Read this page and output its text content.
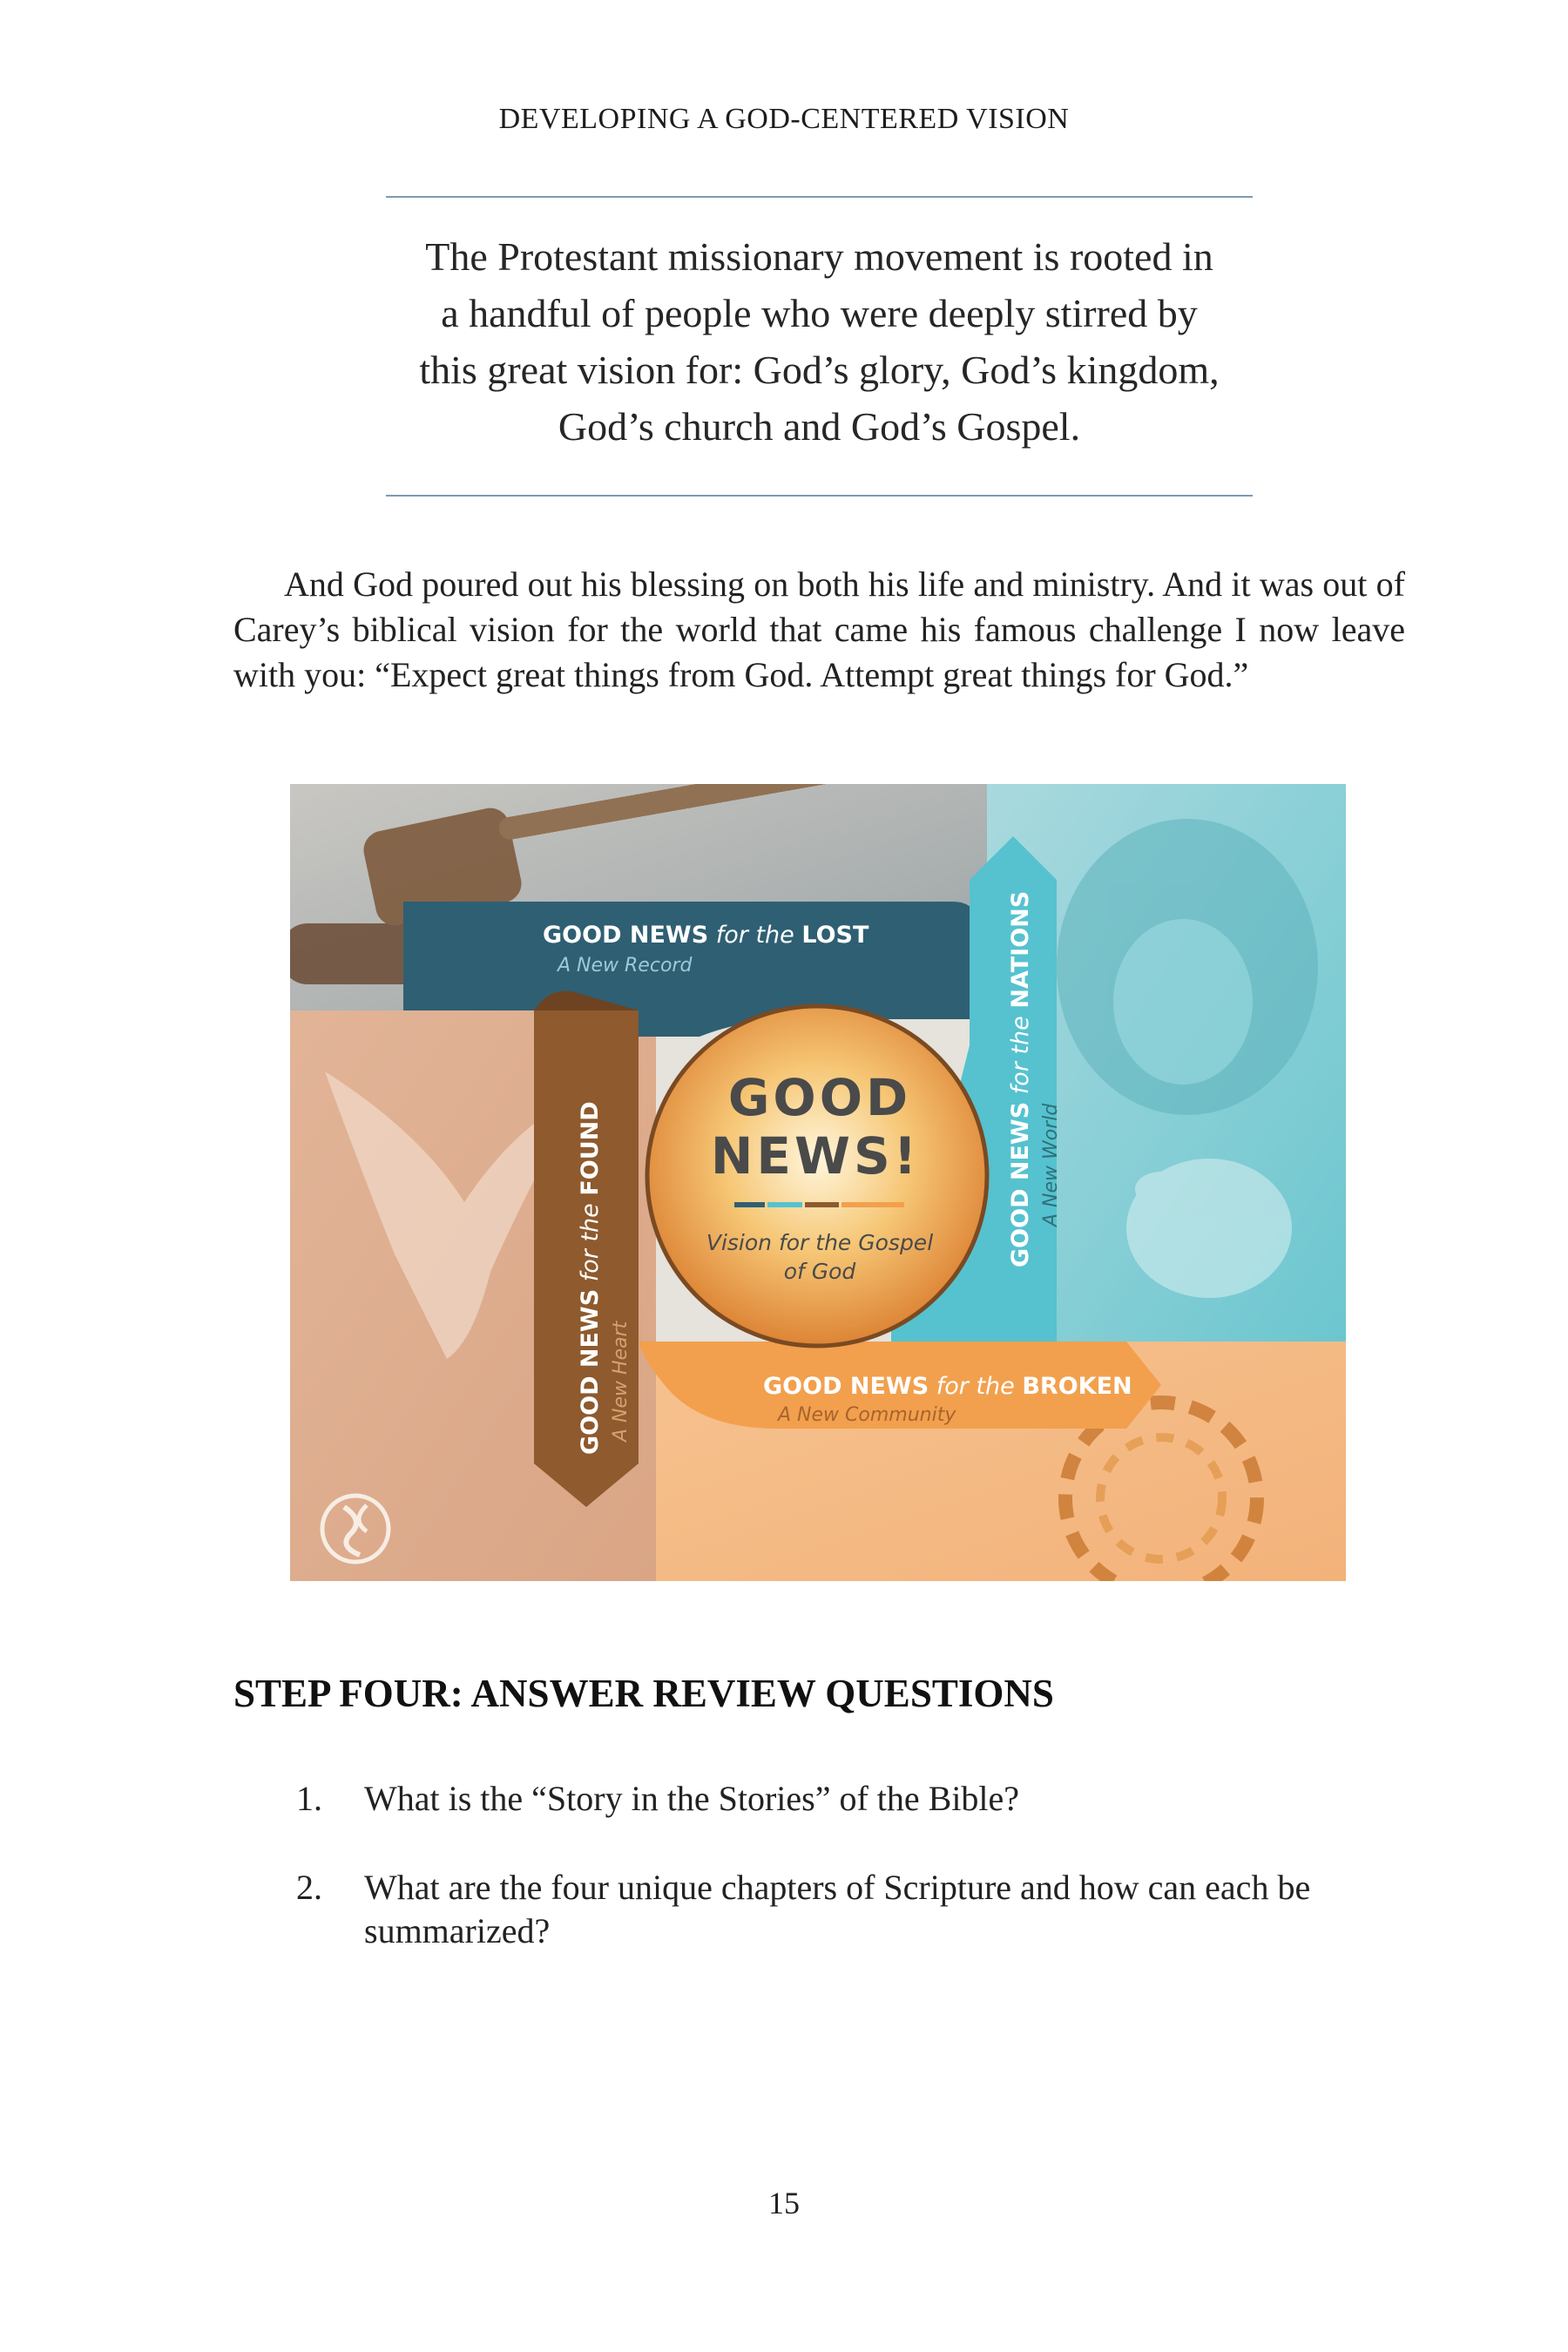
DEVELOPING A GOD-CENTERED VISION

The Protestant missionary movement is rooted in

a handful of people who were deeply stirred by

this great vision for: God’s glory, God’s kingdom,

God’s church and God’s Gospel.

And God poured out his blessing on both his life and ministry. And it was out of Carey’s biblical vision for the world that came his famous challenge I now leave with you: “Expect great things from God. Attempt great things for God.”

GOOD
NEWS!
Vision for the Gospel
of God
GOOD NEWS for the LOST
A New Record
GOOD NEWS for the NATIONS
A New World
GOOD NEWS for the FOUND
A New Heart	GOOD NEWS for the BROKEN
A New Community
STEP FOUR: ANSWER REVIEW QUESTIONS
1. What is the “Story in the Stories” of the Bible?
2. What are the four unique chapters of Scripture and how can each be summarized?
15
